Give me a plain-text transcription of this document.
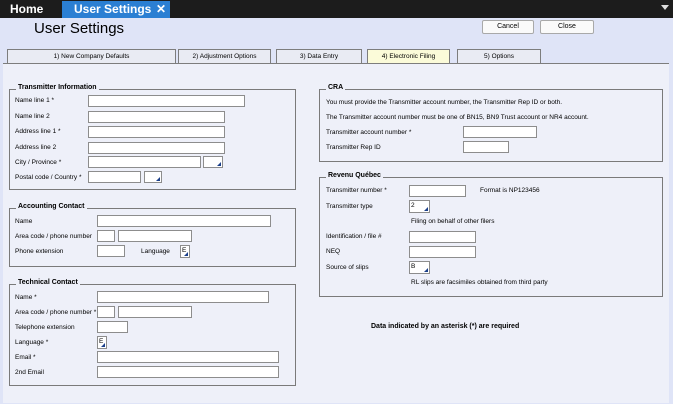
Home	User Settings ✕
User Settings	Cancel	Close
1) New Company Defaults	2) Adjustment Options	3) Data Entry	4) Electronic Filing	5) Options
Transmitter Information
Name line 1 *
Name line 2
Address line 1 *
Address line 2
City / Province *
Postal code / Country *
Accounting Contact
Name
Area code / phone number
Phone extension	Language	E
Technical Contact
Name *
Area code / phone number *
Telephone extension
Language *	E
Email *
2nd Email
CRA
You must provide the Transmitter account number, the Transmitter Rep ID or both.
The Transmitter account number must be one of BN15, BN9 Trust account or NR4 account.
Transmitter account number *
Transmitter Rep ID
Revenu Québec
Transmitter number *	Format is NP123456
Transmitter type	2
Filing on behalf of other filers
Identification / file #
NEQ
Source of slips	B
RL slips are facsimiles obtained from third party
Data indicated by an asterisk (*) are required
